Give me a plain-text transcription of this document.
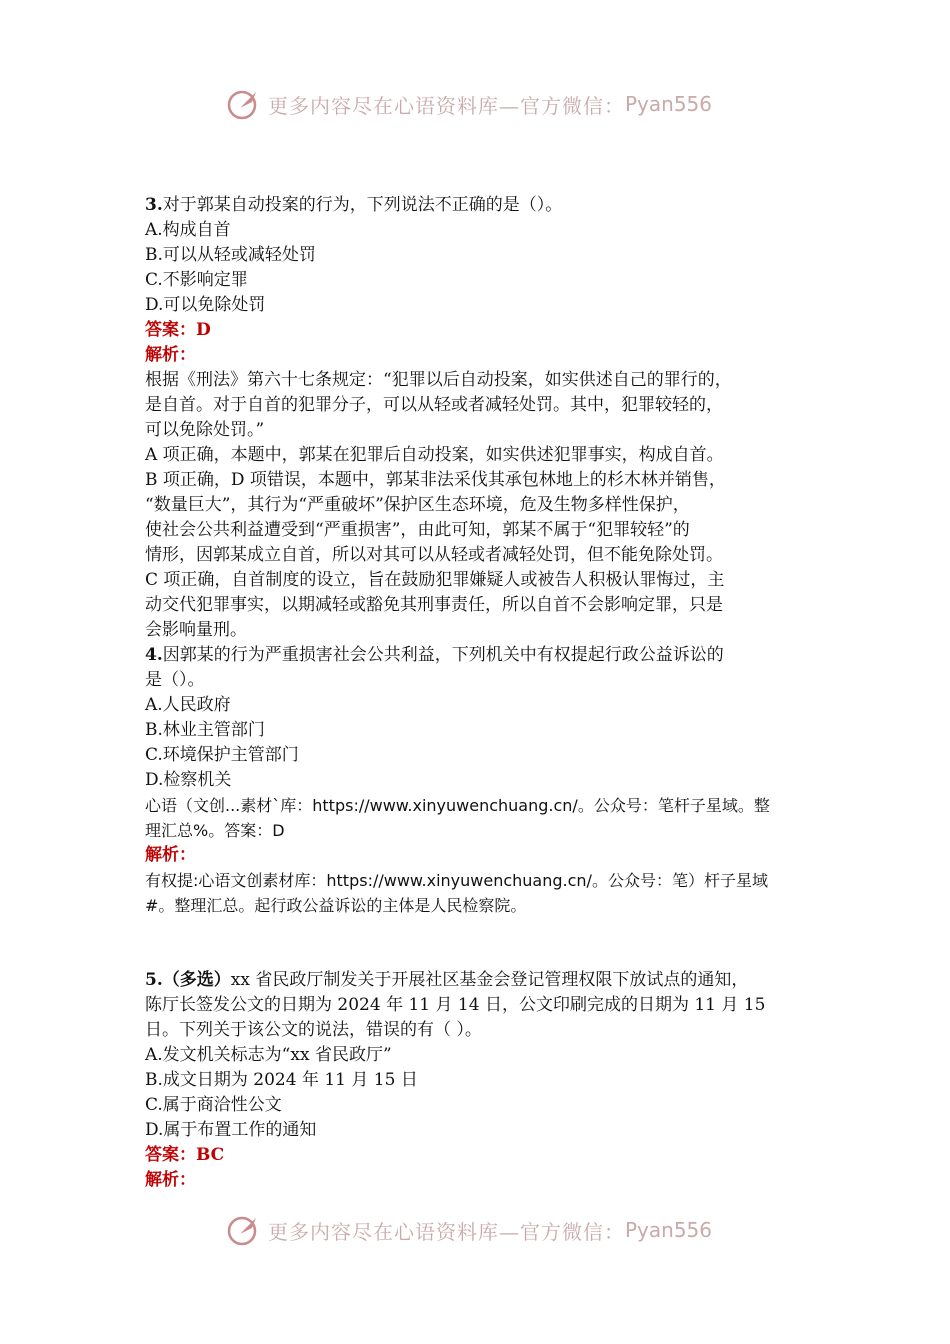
更多内容尽在心语资料库—官方微信： Pyan556
3.对于郭某自动投案的行为，下列说法不正确的是（）。
A.构成自首
B.可以从轻或减轻处罚
C.不影响定罪
D.可以免除处罚
答案：D
解析：
根据《刑法》第六十七条规定：“犯罪以后自动投案，如实供述自己的罪行的，
是自首。对于自首的犯罪分子，可以从轻或者减轻处罚。其中，犯罪较轻的，
可以免除处罚。”
A 项正确，本题中，郭某在犯罪后自动投案，如实供述犯罪事实，构成自首。
B 项正确，D 项错误，本题中，郭某非法采伐其承包林地上的杉木林并销售，
“数量巨大”，其行为“严重破坏”保护区生态环境，危及生物多样性保护，
使社会公共利益遭受到“严重损害”，由此可知，郭某不属于“犯罪较轻”的
情形，因郭某成立自首，所以对其可以从轻或者减轻处罚，但不能免除处罚。
C 项正确，自首制度的设立，旨在鼓励犯罪嫌疑人或被告人积极认罪悔过，主
动交代犯罪事实，以期减轻或豁免其刑事责任，所以自首不会影响定罪，只是
会影响量刑。
4.因郭某的行为严重损害社会公共利益，下列机关中有权提起行政公益诉讼的
是（）。
A.人民政府
B.林业主管部门
C.环境保护主管部门
D.检察机关
心语（文创...素材`库：https://www.xinyuwenchuang.cn/。公众号：笔杆子星域。整
理汇总%。答案：D
解析：
有权提:心语文创素材库：https://www.xinyuwenchuang.cn/。公众号：笔）杆子星域
#。整理汇总。起行政公益诉讼的主体是人民检察院。
5.（多选）xx 省民政厅制发关于开展社区基金会登记管理权限下放试点的通知，
陈厅长签发公文的日期为 2024 年 11 月 14 日，公文印刷完成的日期为 11 月 15
日。下列关于该公文的说法，错误的有（ ）。
A.发文机关标志为“xx 省民政厅”
B.成文日期为 2024 年 11 月 15 日
C.属于商洽性公文
D.属于布置工作的通知
答案：BC
解析：
更多内容尽在心语资料库—官方微信： Pyan556
